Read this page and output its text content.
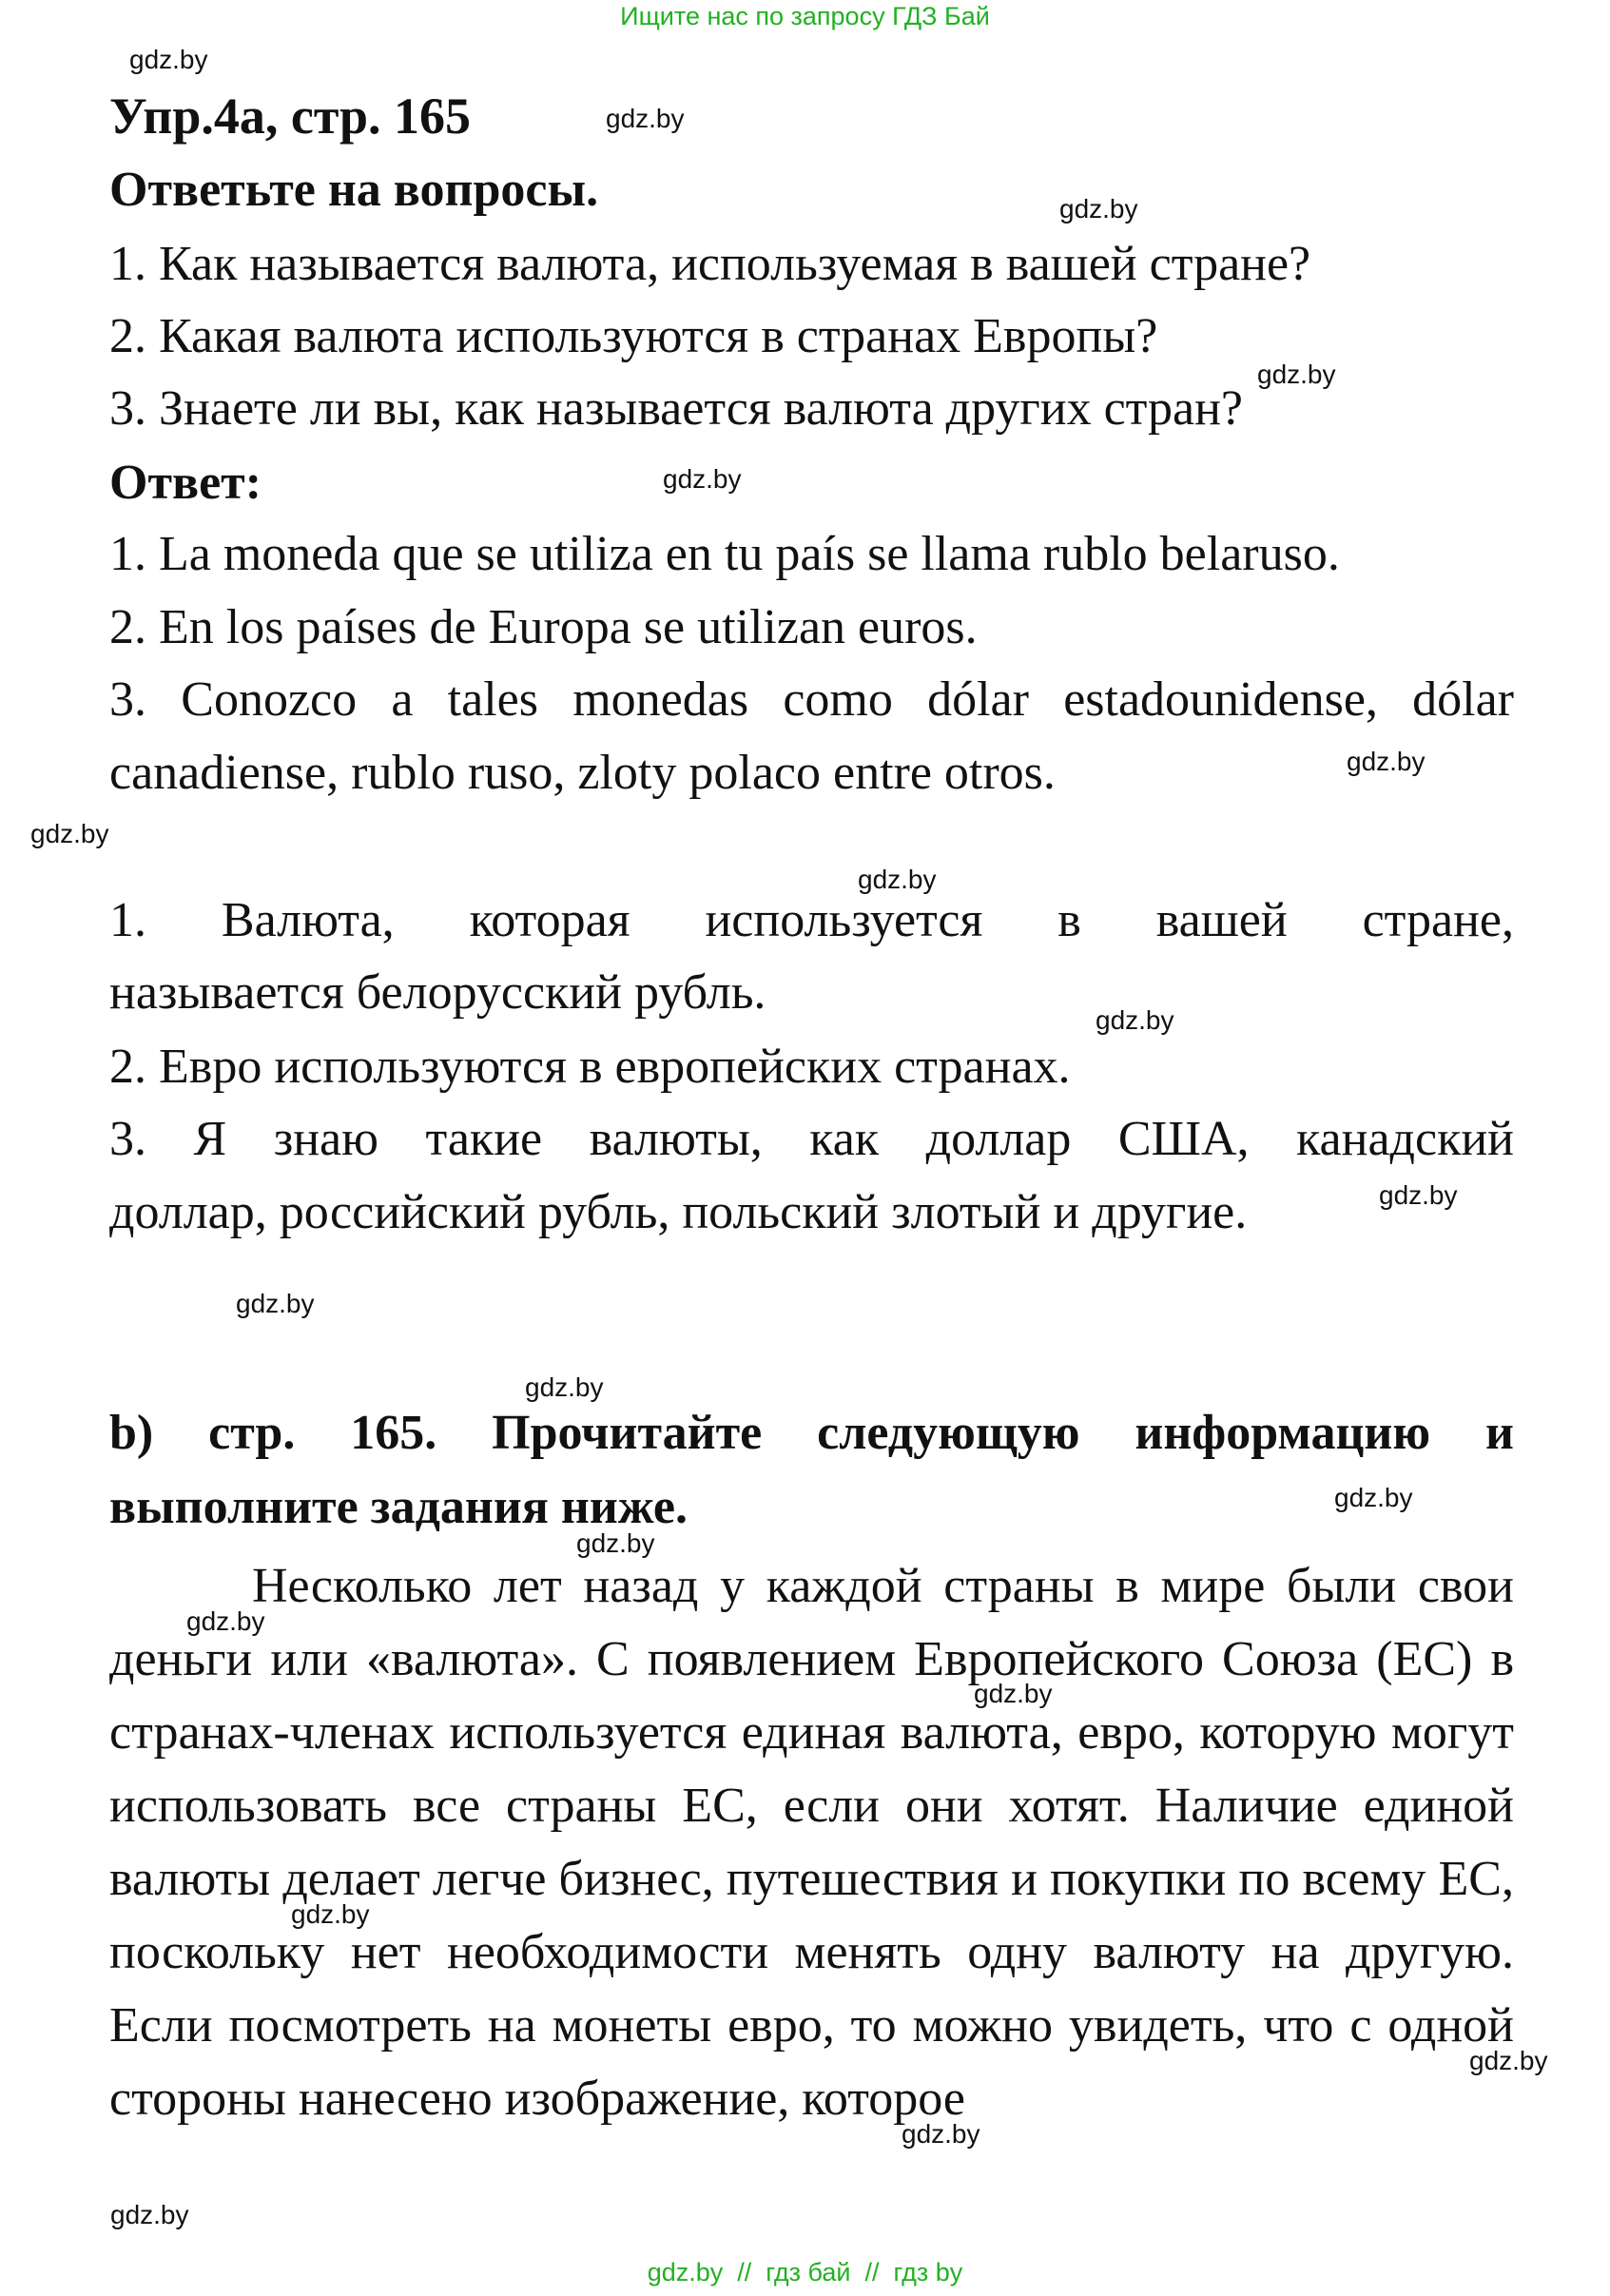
Ищите нас по запросу ГДЗ Бай
Упр.4а, стр. 165
Ответьте на вопросы.
1. Как называется валюта, используемая в вашей стране?
2. Какая валюта используются в странах Европы?
3. Знаете ли вы, как называется валюта других стран?
Ответ:
1. La moneda que se utiliza en tu país se llama rublo belaruso.
2. En los países de Europa se utilizan euros.
3. Conozco a tales monedas como dólar estadounidense, dólar
canadiense, rublo ruso, zloty polaco entre otros.
1. Валюта, которая используется в вашей стране,
называется белорусский рубль.
2. Евро используются в европейских странах.
3. Я знаю такие валюты, как доллар США, канадский
доллар, российский рубль, польский злотый и другие.
b) стр. 165. Прочитайте следующую информацию и
выполните задания ниже.

Несколько лет назад у каждой страны в мире были свои деньги или «валюта». С появлением Европейского Союза (ЕС) в странах-членах используется единая валюта, евро, которую могут использовать все страны ЕС, если они хотят. Наличие единой валюты делает легче бизнес, путешествия и покупки по всему ЕС, поскольку нет необходимости менять одну валюту на другую. Если посмотреть на монеты евро, то можно увидеть, что с одной стороны нанесено изображение, которое

gdz.by
gdz.by
gdz.by
gdz.by
gdz.by
gdz.by
gdz.by
gdz.by
gdz.by
gdz.by
gdz.by
gdz.by
gdz.by
gdz.by
gdz.by
gdz.by
gdz.by
gdz.by
gdz.by
gdz.by
gdz.by  //  гдз бай  //  гдз by
